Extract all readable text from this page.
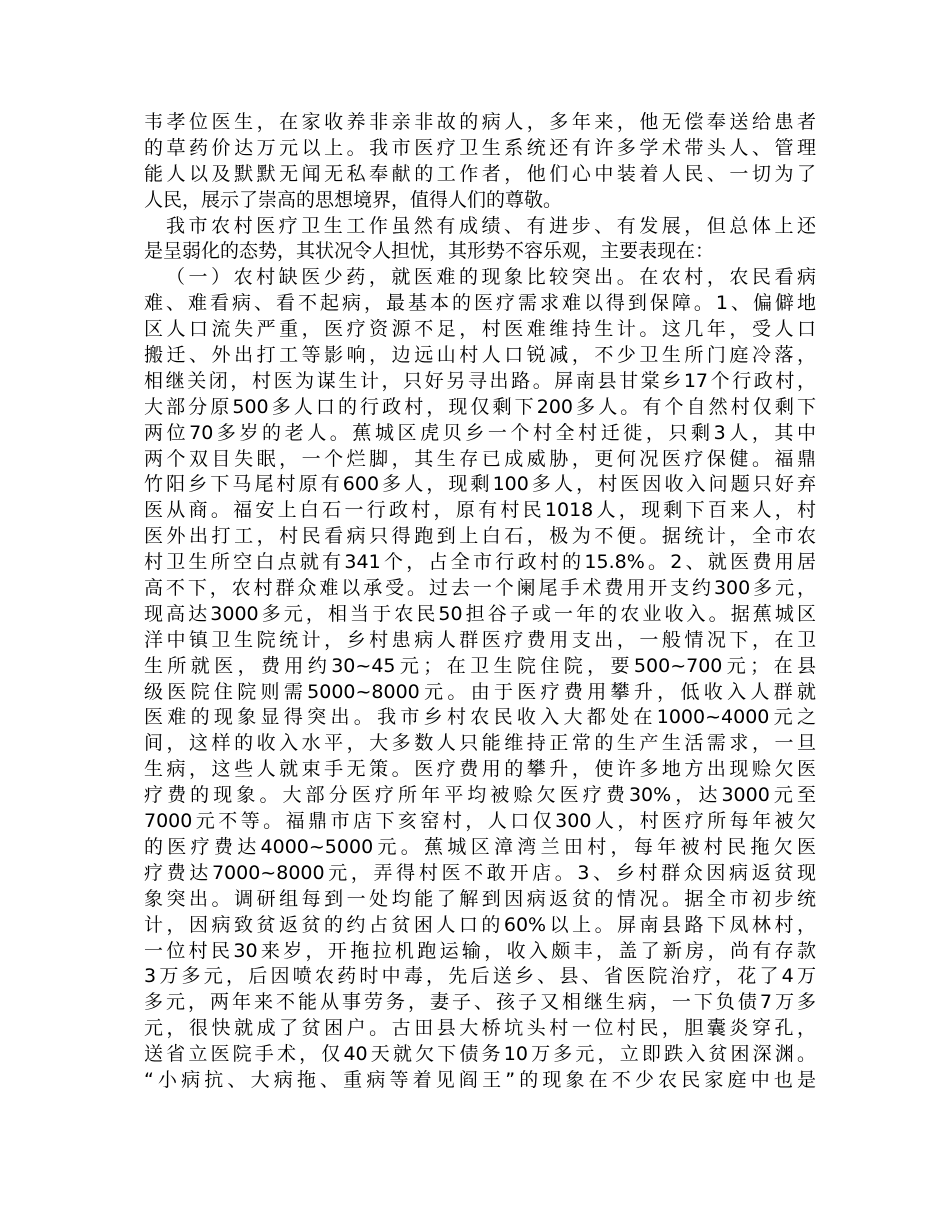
韦孝位医生，在家收养非亲非故的病人，多年来，他无偿奉送给患者
的草药价达万元以上。我市医疗卫生系统还有许多学术带头人、管理
能人以及默默无闻无私奉献的工作者，他们心中装着人民、一切为了
人民，展示了崇高的思想境界，值得人们的尊敬。
我市农村医疗卫生工作虽然有成绩、有进步、有发展，但总体上还
是呈弱化的态势，其状况令人担忧，其形势不容乐观，主要表现在：
（一）农村缺医少药，就医难的现象比较突出。在农村，农民看病
难、难看病、看不起病，最基本的医疗需求难以得到保障。1、偏僻地
区人口流失严重，医疗资源不足，村医难维持生计。这几年，受人口
搬迁、外出打工等影响，边远山村人口锐减，不少卫生所门庭冷落，
相继关闭，村医为谋生计，只好另寻出路。屏南县甘棠乡17个行政村，
大部分原500多人口的行政村，现仅剩下200多人。有个自然村仅剩下
两位70多岁的老人。蕉城区虎贝乡一个村全村迁徙，只剩3人，其中
两个双目失眠，一个烂脚，其生存已成威胁，更何况医疗保健。福鼎
竹阳乡下马尾村原有600多人，现剩100多人，村医因收入问题只好弃
医从商。福安上白石一行政村，原有村民1018人，现剩下百来人，村
医外出打工，村民看病只得跑到上白石，极为不便。据统计，全市农
村卫生所空白点就有341个，占全市行政村的15.8%。2、就医费用居
高不下，农村群众难以承受。过去一个阑尾手术费用开支约300多元，
现高达3000多元，相当于农民50担谷子或一年的农业收入。据蕉城区
洋中镇卫生院统计，乡村患病人群医疗费用支出，一般情况下，在卫
生所就医，费用约30~45元；在卫生院住院，要500~700元；在县
级医院住院则需5000~8000元。由于医疗费用攀升，低收入人群就
医难的现象显得突出。我市乡村农民收入大都处在1000~4000元之
间，这样的收入水平，大多数人只能维持正常的生产生活需求，一旦
生病，这些人就束手无策。医疗费用的攀升，使许多地方出现赊欠医
疗费的现象。大部分医疗所年平均被赊欠医疗费30%，达3000元至
7000元不等。福鼎市店下亥窑村，人口仅300人，村医疗所每年被欠
的医疗费达4000~5000元。蕉城区漳湾兰田村，每年被村民拖欠医
疗费达7000~8000元，弄得村医不敢开店。3、乡村群众因病返贫现
象突出。调研组每到一处均能了解到因病返贫的情况。据全市初步统
计，因病致贫返贫的约占贫困人口的60%以上。屏南县路下凤林村，
一位村民30来岁，开拖拉机跑运输，收入颇丰，盖了新房，尚有存款
3万多元，后因喷农药时中毒，先后送乡、县、省医院治疗，花了4万
多元，两年来不能从事劳务，妻子、孩子又相继生病，一下负债7万多
元，很快就成了贫困户。古田县大桥坑头村一位村民，胆囊炎穿孔，
送省立医院手术，仅40天就欠下债务10万多元，立即跌入贫困深渊。
“小病抗、大病拖、重病等着见阎王”的现象在不少农民家庭中也是
